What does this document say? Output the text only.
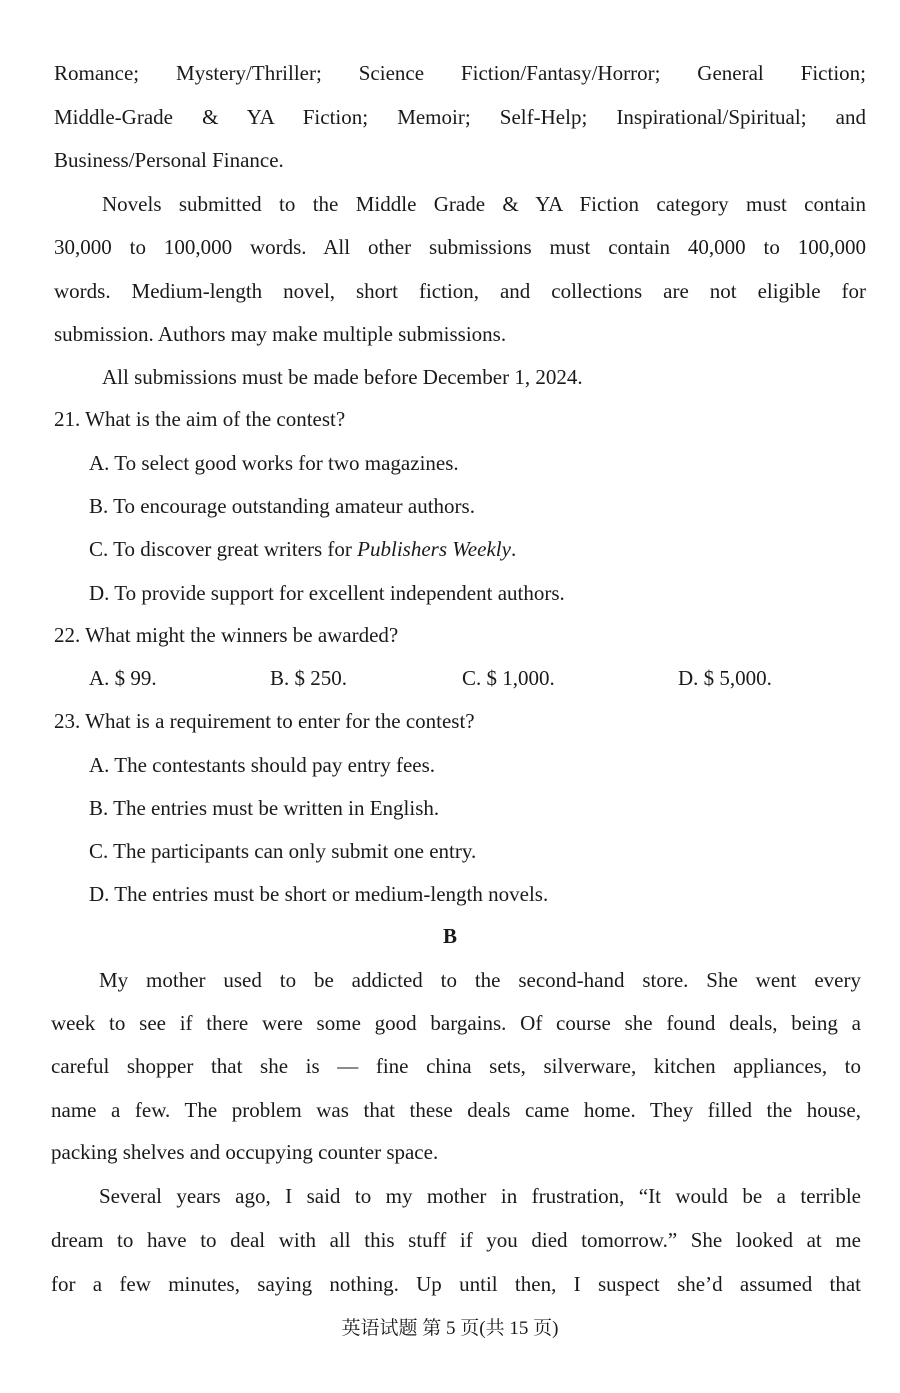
Romance; Mystery/Thriller; Science Fiction/Fantasy/Horror; General Fiction;
Middle-Grade & YA Fiction; Memoir; Self-Help; Inspirational/Spiritual; and
Business/Personal Finance.
Novels submitted to the Middle Grade & YA Fiction category must contain
30,000 to 100,000 words. All other submissions must contain 40,000 to 100,000
words. Medium-length novel, short fiction, and collections are not eligible for
submission. Authors may make multiple submissions.
All submissions must be made before December 1, 2024.
21. What is the aim of the contest?
A. To select good works for two magazines.
B. To encourage outstanding amateur authors.
C. To discover great writers for Publishers Weekly.
D. To provide support for excellent independent authors.
22. What might the winners be awarded?
A. $ 99.	B. $ 250.	C. $ 1,000.	D. $ 5,000.
23. What is a requirement to enter for the contest?
A. The contestants should pay entry fees.
B. The entries must be written in English.
C. The participants can only submit one entry.
D. The entries must be short or medium-length novels.
B
My mother used to be addicted to the second-hand store. She went every
week to see if there were some good bargains. Of course she found deals, being a
careful shopper that she is — fine china sets, silverware, kitchen appliances, to
name a few. The problem was that these deals came home. They filled the house,
packing shelves and occupying counter space.
Several years ago, I said to my mother in frustration, “It would be a terrible
dream to have to deal with all this stuff if you died tomorrow.” She looked at me
for a few minutes, saying nothing. Up until then, I suspect she’d assumed that
英语试题 第 5 页(共 15 页)
